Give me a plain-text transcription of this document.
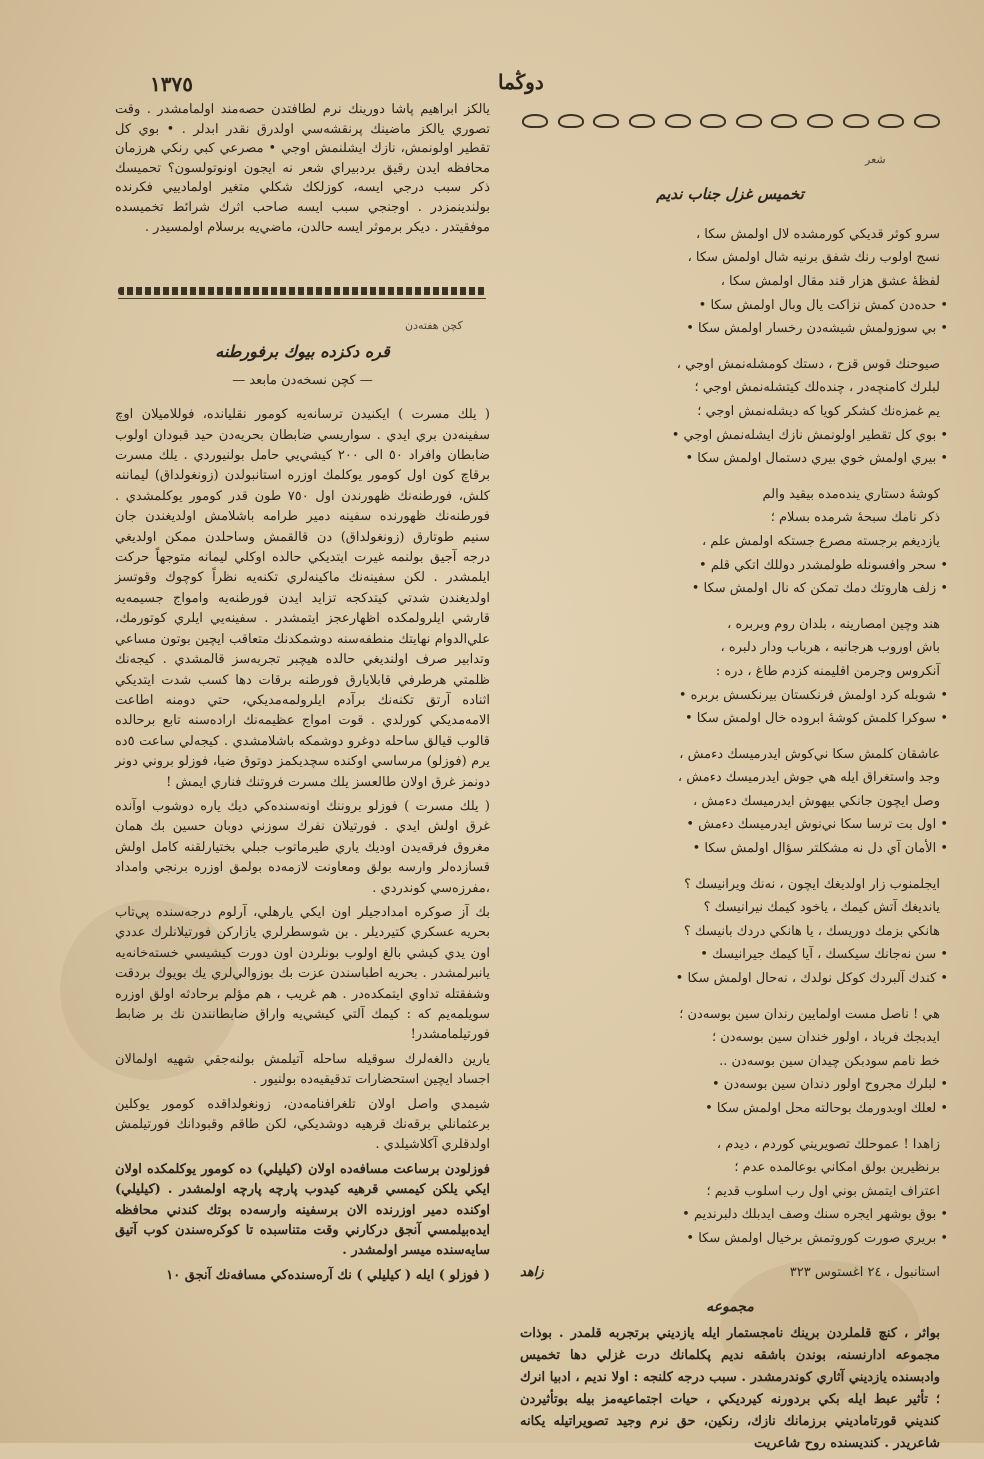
١٣٧٥	دوڭما

يالكز ابراهيم پاشا دورينك نرم لطافتدن حصه‌مند اولمامشدر . وقت تصوري يالكز ماضينك پرنقشه‌سي اولدرق نقدر ابدلر . • بوي كل تقطير اولونمش، نازك ايشلنمش اوجي • مصرعي كبي رنكي هرزمان محافظه ايدن رقيق بردبيراي شعر نه ايجون اونوتولسون؟ تحميسك ذكر سبب درجي ايسه، كوزلكك شكلي متغير اولمادييي فكرنده بولندينمزدر . اوجنجي سبب ايسه صاحب اثرك شرائط تخميسده موفقيتدر . ديكر برموثر ايسه حالدن، ماضي‌يه برسلام اولمسيدر .

كچن هفته‌دن
قره دكزده بيوك برفورطنه
— كچن نسخه‌دن مابعد —

( يلك مسرت ) ايكنيدن ترسانه‌يه كومور نقليانده، فوللاميلان اوچ سفينه‌دن بري ايدي . سواريسي ضابطان بحريه‌دن حيد قبودان اولوب ضابطان وافراد ٥٠ الى ٢٠٠ كيشي‌يي حامل بولنيوردي . يلك مسرت برقاچ كون اول كومور يوكلمك اوزره استانبولدن (زونغولداق) ليماننه كلش، فورطنه‌نك ظهورندن اول ٧٥٠ طون قدر كومور يوكلمشدي . فورطنه‌نك ظهورنده سفينه دمير طرامه باشلامش اولديغندن جان سنيم طوتارق (زونغولداق) دن قالقمش وساحلدن ممكن اولديغي درجه آجيق بولنمه غيرت ايتديكي حالده اوكلي ليمانه متوجهاً حركت ايلمشدر . لكن سفينه‌نك ماكينه‌لري تكنه‌يه نظراً كوچوك وقوتسز اولديغندن شدتي كيتدكجه تزايد ايدن فورطنه‌يه وامواج جسيمه‌يه قارشي ايلرولمكده اظهارعجز ايتمشدر . سفينه‌يي ايلري كوتورمك، علي‌الدوام نهايتك منطفه‌سنه دوشمكدنك متعاقب ايچين بوتون مساعي وتدابير صرف اولنديغي حالده هيچبر تجربه‌سز قالمشدي . كيجه‌نك ظلمتي هرطرفي قابلايارق فورطنه برقات دها كسب شدت ايتديكي اثناده آرتق تكنه‌نك برآدم ايلرولمه‌مديكي، حتي دومنه اطاعت الامه‌مديكي كورلدي . قوت امواج عظيمه‌نك اراده‌سنه تابع برحالده قالوب قيالق ساحله دوغرو دوشمكه باشلامشدي . كيجه‌لي ساعت ٥ده يرم (فوزلو) مرساسي اوكنده سچديكمز دوتوق ضيا، فوزلو بروني دونر دونمز غرق اولان طالعسز يلك مسرت فروتنك فناري ايمش !

( يلك مسرت ) فوزلو بروننك اونه‌سنده‌كي ديك ياره دوشوب اوآنده غرق اولش ايدي . فورتيلان نفرك سوزني دوبان حسين بك همان مغروق فرقه‌يدن اوديك ياري طيرماتوب جبلي بختيارلقنه كامل اولش قسازده‌لر وارسه بولق ومعاونت لازمه‌ده بولمق اوزره برنجي وامداد ،مفرزه‌سي كوندردي .

بك آز صوكره امدادجيلر اون ايكي يارهلي، آرلوم درجه‌سنده پي‌تاب بحريه عسكري كتيرديلر . بن شوسطرلري يازاركن فورتيلانلرك عددي اون يدي كيشي بالغ اولوب بونلردن اون دورت كيشيسي خسته‌خانه‌يه يانبرلمشدر . بحريه اطباسندن عزت بك بوزوالي‌لري يك بويوك بردقت وشفقتله تداوي ايتمكده‌در . هم غريب ، هم مؤلم برحادثه اولق اوزره سويلمه‌يم كه : كيمك آلتي كيشي‌يه واراق ضابطانندن نك بر ضابط فورتيلمامشدر!

يارين دالغه‌لرك سوقيله ساحله آتيلمش بولنه‌جقي شهيه اولمالان اجساد ايچين استحضارات تدقيقيه‌ده بولنيور .

شيمدي واصل اولان تلغرافنامه‌دن، زونغولداقده كومور يوكلين برعثمانلي برقه‌نك قرهيه دوشديكي، لكن طاقم وقبودانك فورتيلمش اولدقلري آكلاشيلدي .

فوزلودن برساعت مسافه‌ده اولان (كيليلي) ده كومور يوكلمكده اولان ايكي يلكن كيمسي قرهيه كيدوب پارچه پارچه اولمشدر . (كيليلي) اوكنده دمير اوزرنده الان برسفينه وارسه‌ده بوتك كندني محافظه ايده‌بيلمسي آنجق دركارني وقت متناسبده تا كوكره‌سندن كوب آتيق سايه‌سنده ميسر اولمشدر .

( فوزلو ) ايله ( كيليلي ) نك آره‌سنده‌كي مسافه‌نك آنجق ١٠

شعر
تخميس غزل جناب نديم
سرو كوثر قديكي كورمشده لال اولمش سكا ،
نسج اولوب رنك شفق برنيه شال اولمش سكا ،
لفظهٔ عشق هزار قند مقال اولمش سكا ،
• حده‌دن كمش نزاكت يال وبال اولمش سكا •
• بي سوزولمش شيشه‌دن رخسار اولمش سكا •
صيوحنك قوس قزح ، دستك كومشله‌نمش اوجي ،
لبلرك كامنچه‌در ، چنده‌لك كيتشله‌نمش اوجي ؛
يم غمزه‌نك كشكر كويا كه ديشله‌نمش اوجي ؛
• بوي كل تقطير اولونمش نازك ايشله‌نمش اوجي •
• بيري اولمش خوي بيري دستمال اولمش سكا •
كوشهٔ دستاري ينده‌مده بيقيد والم
ذكر نامك سبحهٔ شرمده بسلام ؛
يازديغم برجسته مصرع جستكه اولمش علم ،
• سحر وافسونله طولمشدر دوللك اتكي قلم •
• زلف هاروتك دمك تمكن كه نال اولمش سكا •
هند وچين امصارينه ، بلدان روم وبربره ،
باش اوروب هرجانبه ، هرباب ودار دلبره ،
آنكروس وجرمن اقليمنه كزدم طاغ ، دره :
• شوبله كرد اولمش فرنكستان بيرنكسش بربره •
• سوكرا كلمش كوشهٔ ابروده خال اولمش سكا •
عاشقان كلمش سكا ني‌كوش ايدرميسك دءمش ،
وجد واستغراق ايله هي جوش ايدرميسك دءمش ،
وصل ايچون جانكي بيهوش ايدرميسك دءمش ،
• اول بت ترسا سكا ني‌نوش ايدرميسك دءمش •
• الأمان آي دل نه مشكلتر سؤال اولمش سكا •
ايجلمنوب زار اولديغك ايچون ، نه‌نك ويرانيسك ؟
يانديغك آتش كيمك ، ياخود كيمك نيرانيسك ؟
هانكي بزمك دوريسك ، يا هانكي دردك بانيسك ؟
• سن نه‌جانك سيكسك ، آيا كيمك جيرانيسك •
• كندك آلبردك كوكل نولدك ، نه‌حال اولمش سكا •
هي ! ناصل مست اولمايين رندان سين بوسه‌دن ؛
ايدبجك فرياد ، اولور خندان سين بوسه‌دن ؛
خط نامم سودبكن چيدان سين بوسه‌دن ..
• لبلرك مجروح اولور دندان سين بوسه‌دن •
• لعلك اوبدورمك بوحالته محل اولمش سكا •
زاهدا ! عموحلك تصويريني كوردم ، ديدم ،
برنظيرين بولق امكاني بوعالمده عدم ؛
اعتراف ايتمش بوني اول رب اسلوب قديم ؛
• بوق بوشهر ايجره سنك وصف ايدبلك دلبرنديم •
• بريري صورت كوروتمش برخيال اولمش سكا •
استانبول ، ٢٤ اغستوس ٣٢٣
زاهد
مجموعه

بواثر ، كنچ قلملردن برينك نامجستمار ايله يازديني برتجربه قلمدر . بوذات مجموعه ادارنسنه، بوندن باشقه نديم پكلمانك درت غزلي دها تخميس وادبسنده يازديني آثاري كوندرمشدر . سبب درجه كلنجه : اولا نديم ، ادبيا انرك ؛ تأثير عبط ايله بكي بردورنه كيرديكي ، حيات اجتماعيه‌مز بيله بوتأثيردن كنديني قورتاماديني برزمانك نازك، رنكين، حق نرم وجيد تصويراتيله يكانه شاعريدر . كنديسنده روح شاعريت
